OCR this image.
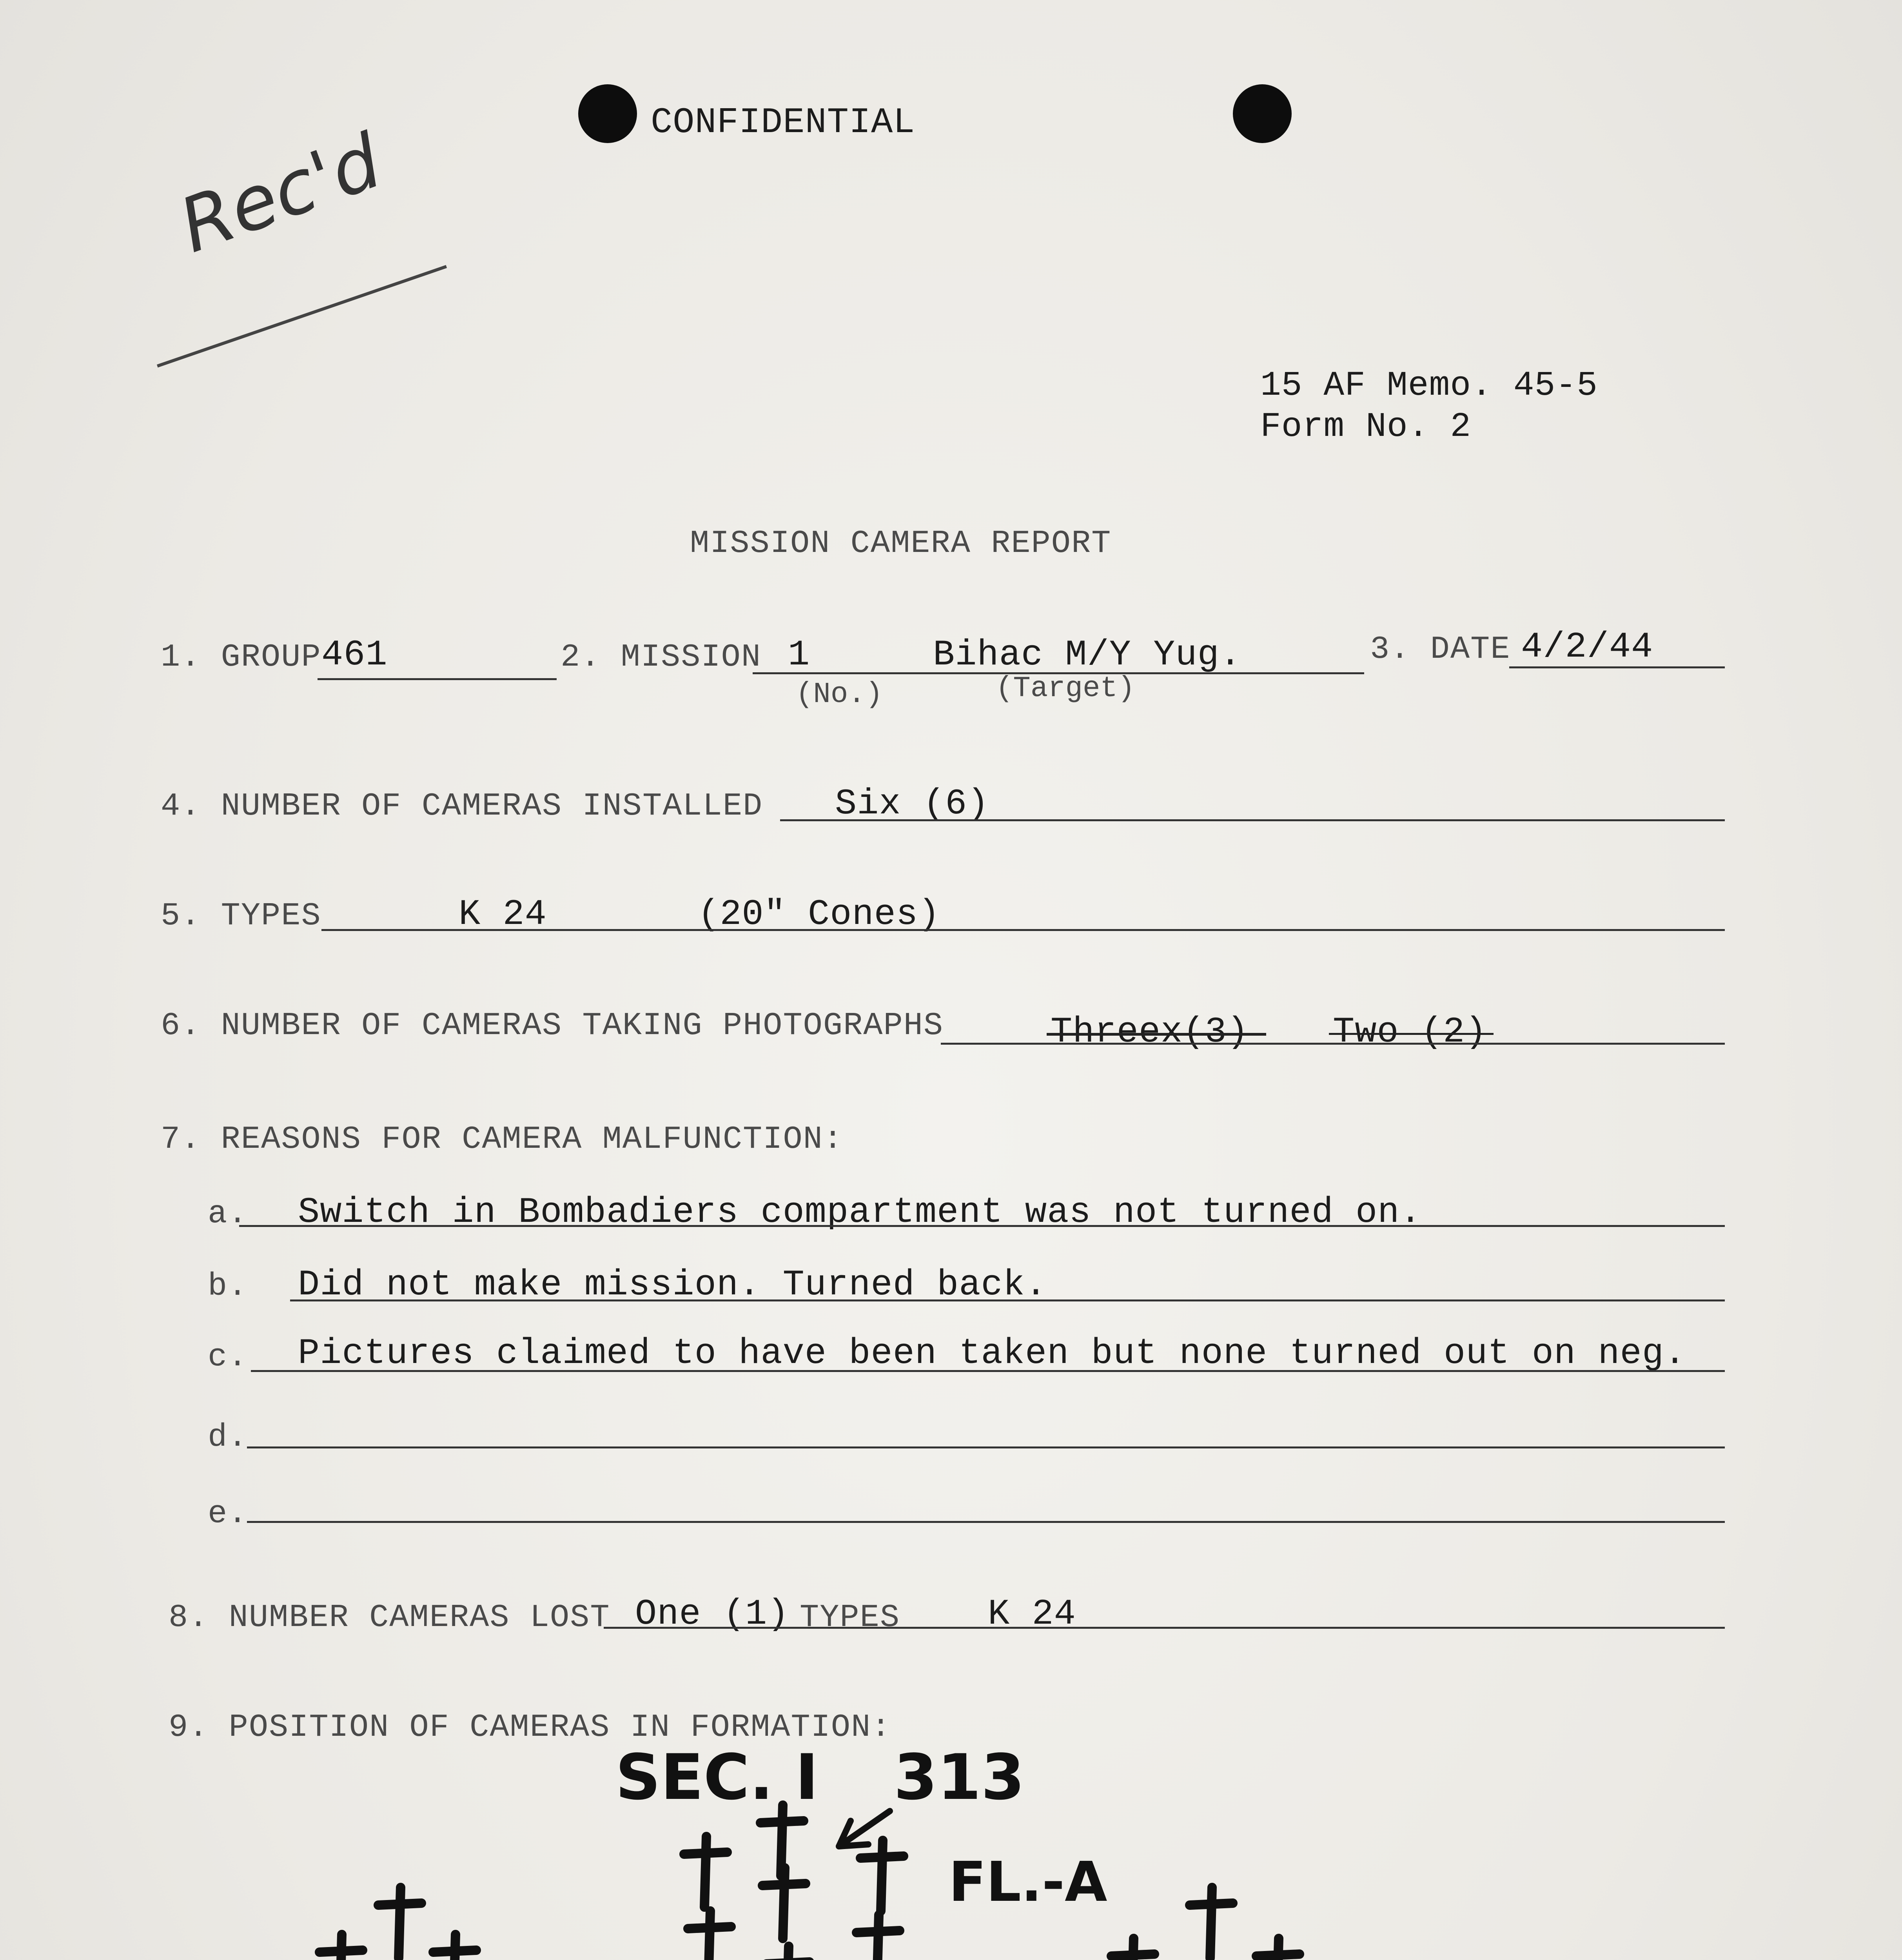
CONFIDENTIAL
Rec'd
15 AF Memo. 45-5
Form No. 2
MISSION CAMERA REPORT
1. GROUP 461	2. MISSION 1	Bihac M/Y Yug.
(No.)	(Target)
3. DATE 4/2/44
4. NUMBER OF CAMERAS INSTALLED Six (6)
5. TYPES	K 24	(20" Cones)
6. NUMBER OF CAMERAS TAKING PHOTOGRAPHS	Threex(3) Two (2)
7. REASONS FOR CAMERA MALFUNCTION:
a. Switch in Bombadiers compartment was not turned on.
b. Did not make mission. Turned back.
c. Pictures claimed to have been taken but none turned out on neg.
d.
e.
8. NUMBER CAMERAS LOST One (1) TYPES K 24
9. POSITION OF CAMERAS IN FORMATION:
SEC. I 313
FL.-A
